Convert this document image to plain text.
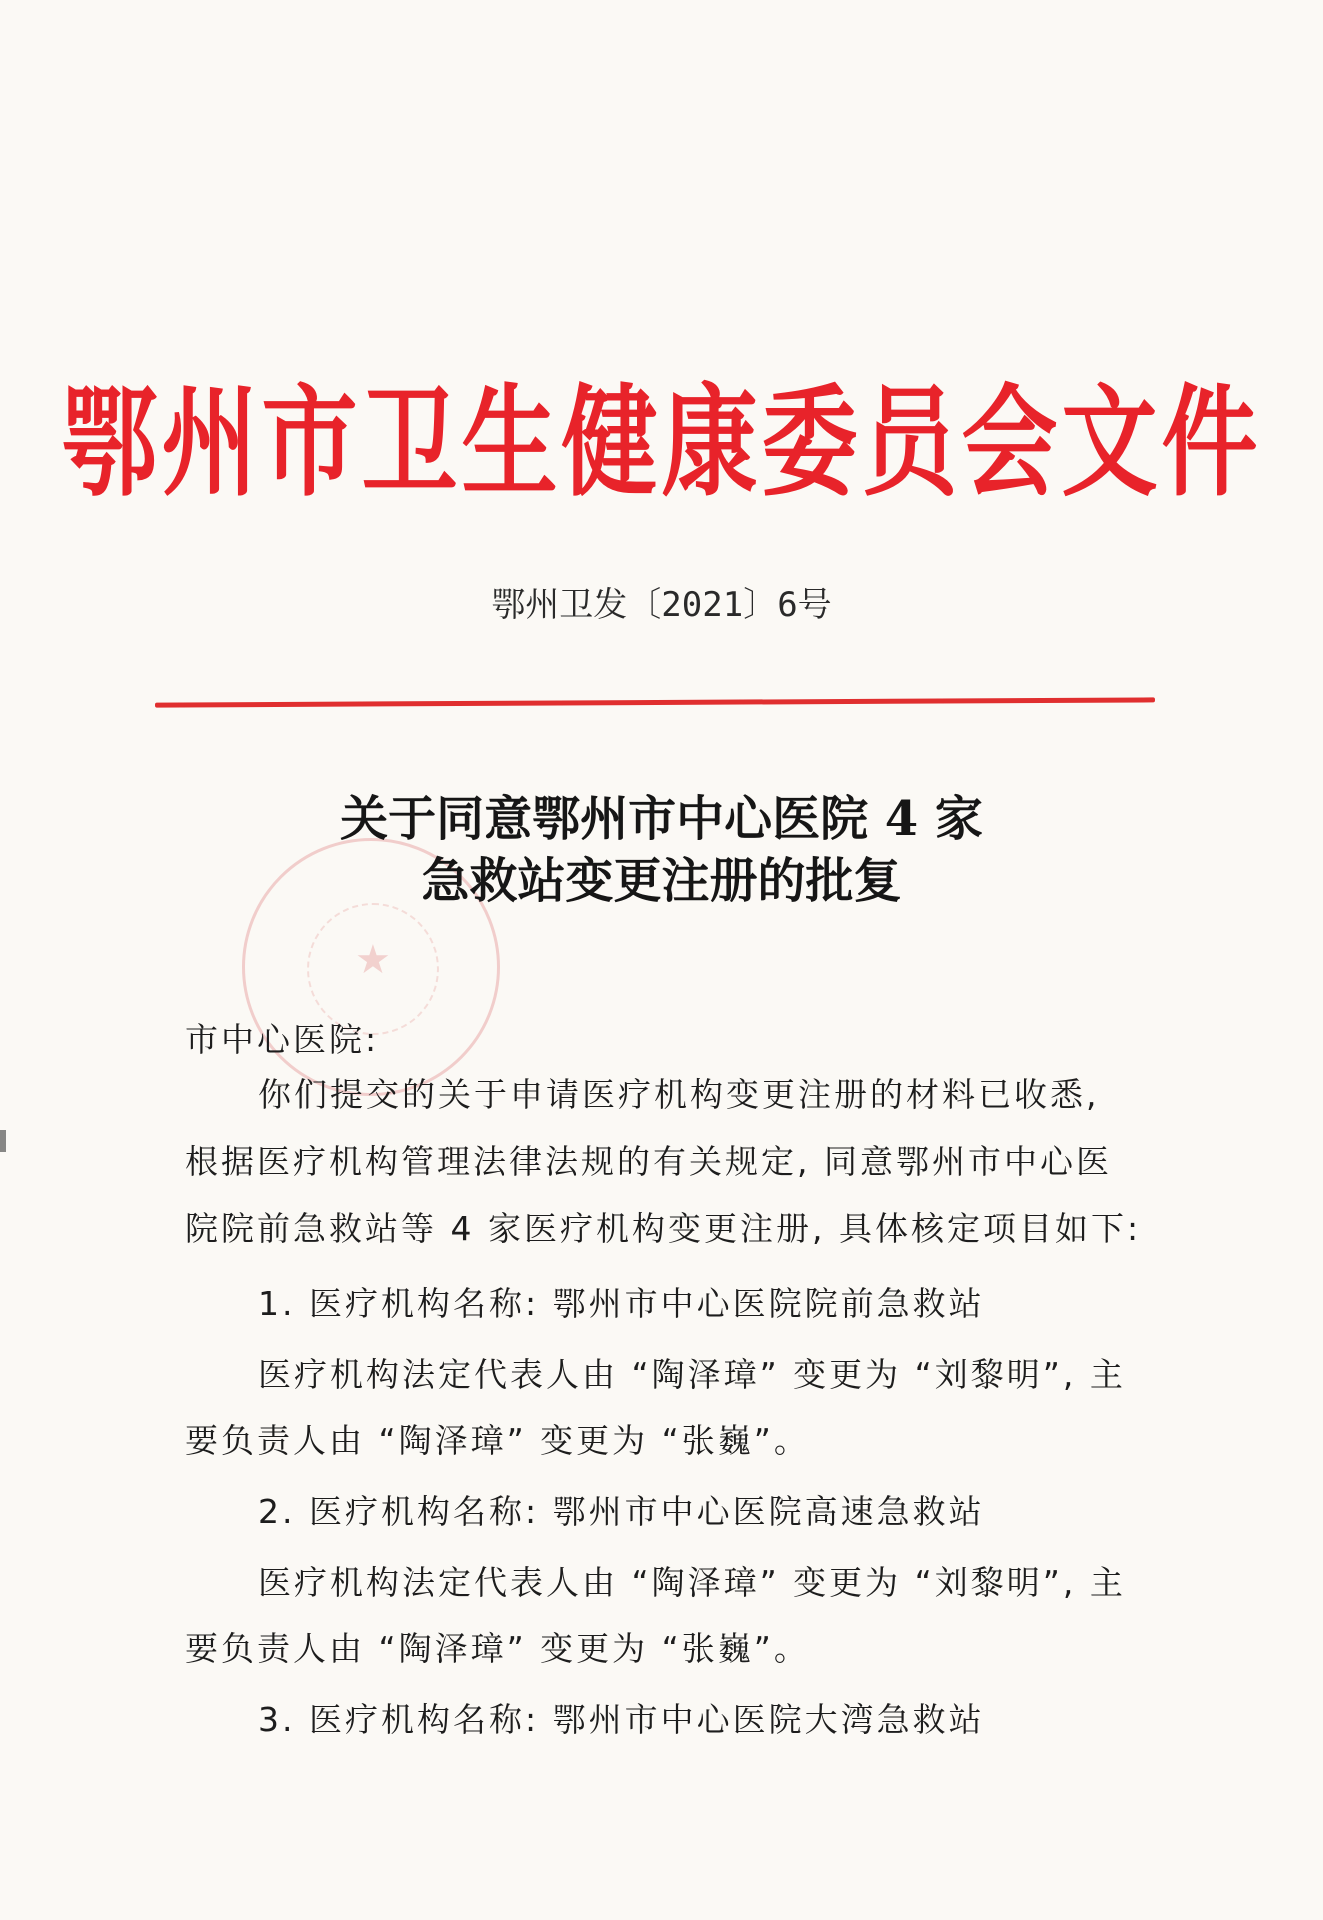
鄂州市卫生健康委员会文件
鄂州卫发〔2021〕6号
★
关于同意鄂州市中心医院 4 家
急救站变更注册的批复
市中心医院:
你们提交的关于申请医疗机构变更注册的材料已收悉,
根据医疗机构管理法律法规的有关规定, 同意鄂州市中心医
院院前急救站等 4 家医疗机构变更注册, 具体核定项目如下:
1. 医疗机构名称: 鄂州市中心医院院前急救站
医疗机构法定代表人由 “陶泽璋” 变更为 “刘黎明”, 主
要负责人由 “陶泽璋” 变更为 “张巍”。
2. 医疗机构名称: 鄂州市中心医院高速急救站
医疗机构法定代表人由 “陶泽璋” 变更为 “刘黎明”, 主
要负责人由 “陶泽璋” 变更为 “张巍”。
3. 医疗机构名称: 鄂州市中心医院大湾急救站
